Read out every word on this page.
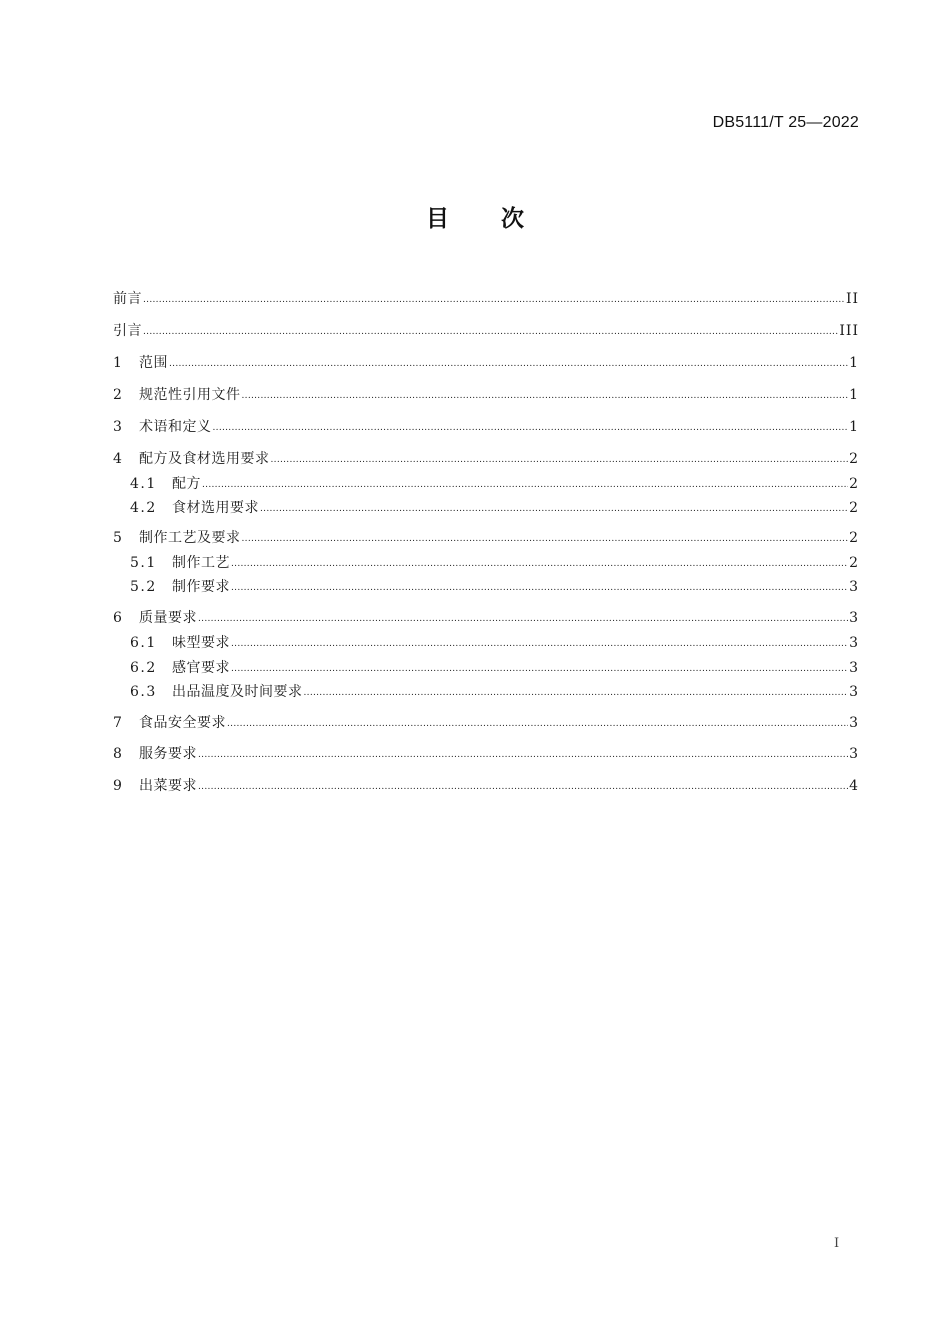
DB5111/T 25—2022
目 次
前言 .....	II
引言 .....	III
1	范围 .....	1
2	规范性引用文件 .....	1
3	术语和定义 .....	1
4	配方及食材选用要求 .....	2
4.1	配方 .....	2
4.2	食材选用要求 .....	2
5	制作工艺及要求 .....	2
5.1	制作工艺 .....	2
5.2	制作要求 .....	3
6	质量要求 .....	3
6.1	味型要求 .....	3
6.2	感官要求 .....	3
6.3	出品温度及时间要求 .....	3
7	食品安全要求 .....	3
8	服务要求 .....	3
9	出菜要求 .....	4
I
